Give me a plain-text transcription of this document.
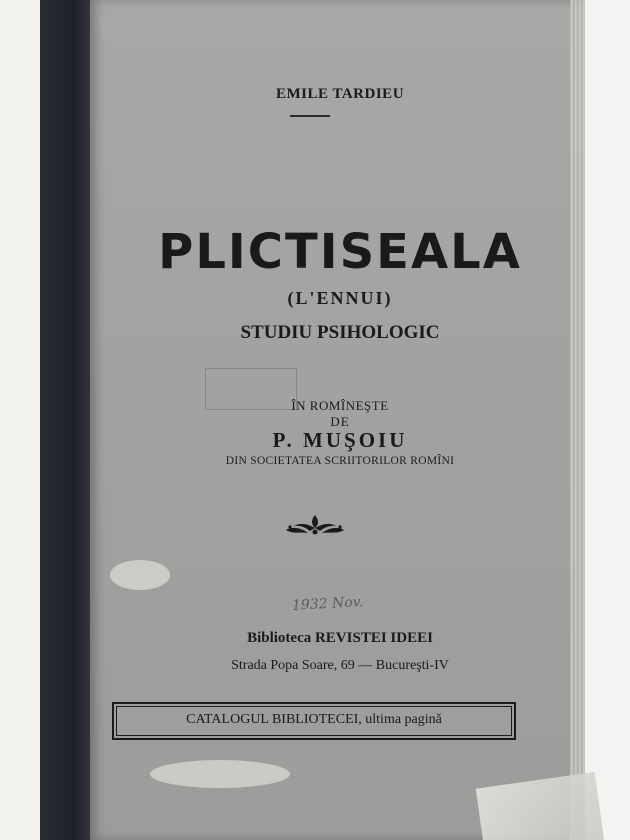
EMILE TARDIEU
PLICTISEALA
(L'ENNUI)
STUDIU PSIHOLOGIC
ÎN ROMÎNEŞTE
DE
P. MUŞOIU
DIN SOCIETATEA SCRIITORILOR ROMÎNI
1932 Nov.
Biblioteca REVISTEI IDEEI
Strada Popa Soare, 69 — Bucureşti-IV
CATALOGUL BIBLIOTECEI, ultima pagină
